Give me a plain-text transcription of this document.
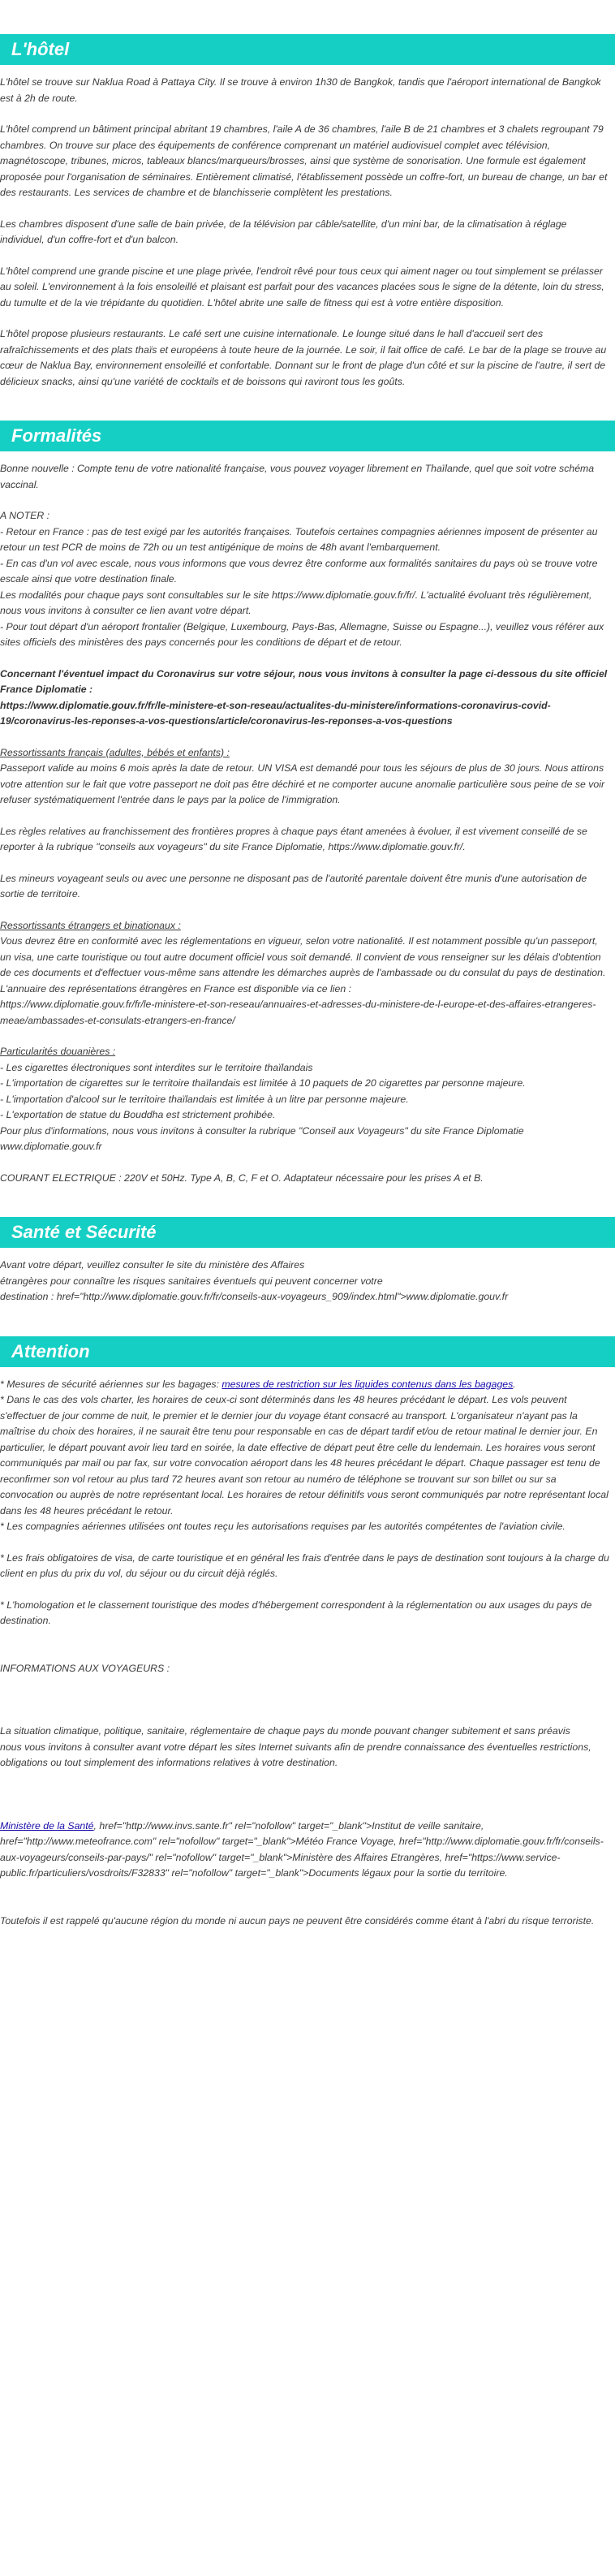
L'hôtel

L'hôtel se trouve sur Naklua Road à Pattaya City. Il se trouve à environ 1h30 de Bangkok, tandis que l'aéroport international de Bangkok est à 2h de route.

L'hôtel comprend un bâtiment principal abritant 19 chambres, l'aile A de 36 chambres, l'aile B de 21 chambres et 3 chalets regroupant 79 chambres. On trouve sur place des équipements de conférence comprenant un matériel audiovisuel complet avec télévision, magnétoscope, tribunes, micros, tableaux blancs/marqueurs/brosses, ainsi que système de sonorisation. Une formule est également proposée pour l'organisation de séminaires. Entièrement climatisé, l'établissement possède un coffre-fort, un bureau de change, un bar et des restaurants. Les services de chambre et de blanchisserie complètent les prestations.

Les chambres disposent d'une salle de bain privée, de la télévision par câble/satellite, d'un mini bar, de la climatisation à réglage individuel, d'un coffre-fort et d'un balcon.

L'hôtel comprend une grande piscine et une plage privée, l'endroit rêvé pour tous ceux qui aiment nager ou tout simplement se prélasser au soleil. L'environnement à la fois ensoleillé et plaisant est parfait pour des vacances placées sous le signe de la détente, loin du stress, du tumulte et de la vie trépidante du quotidien. L'hôtel abrite une salle de fitness qui est à votre entière disposition.

L'hôtel propose plusieurs restaurants. Le café sert une cuisine internationale. Le lounge situé dans le hall d'accueil sert des rafraîchissements et des plats thaïs et européens à toute heure de la journée. Le soir, il fait office de café. Le bar de la plage se trouve au cœur de Naklua Bay, environnement ensoleillé et confortable. Donnant sur le front de plage d'un côté et sur la piscine de l'autre, il sert de délicieux snacks, ainsi qu'une variété de cocktails et de boissons qui raviront tous les goûts.

Formalités

Bonne nouvelle : Compte tenu de votre nationalité française, vous pouvez voyager librement en Thaïlande, quel que soit votre schéma vaccinal.

A NOTER :
- Retour en France : pas de test exigé par les autorités françaises. Toutefois certaines compagnies aériennes imposent de présenter au retour un test PCR de moins de 72h ou un test antigénique de moins de 48h avant l'embarquement.
- En cas d'un vol avec escale, nous vous informons que vous devrez être conforme aux formalités sanitaires du pays où se trouve votre escale ainsi que votre destination finale.
Les modalités pour chaque pays sont consultables sur le site https://www.diplomatie.gouv.fr/fr/. L'actualité évoluant très régulièrement, nous vous invitons à consulter ce lien avant votre départ.
- Pour tout départ d'un aéroport frontalier (Belgique, Luxembourg, Pays-Bas, Allemagne, Suisse ou Espagne...), veuillez vous référer aux sites officiels des ministères des pays concernés pour les conditions de départ et de retour.

Concernant l'éventuel impact du Coronavirus sur votre séjour, nous vous invitons à consulter la page ci-dessous du site officiel France Diplomatie :
https://www.diplomatie.gouv.fr/fr/le-ministere-et-son-reseau/actualites-du-ministere/informations-coronavirus-covid-19/coronavirus-les-reponses-a-vos-questions/article/coronavirus-les-reponses-a-vos-questions

Ressortissants français (adultes, bébés et enfants) :

Passeport valide au moins 6 mois après la date de retour. UN VISA est demandé pour tous les séjours de plus de 30 jours. Nous attirons votre attention sur le fait que votre passeport ne doit pas être déchiré et ne comporter aucune anomalie particulière sous peine de se voir refuser systématiquement l'entrée dans le pays par la police de l'immigration.

Les règles relatives au franchissement des frontières propres à chaque pays étant amenées à évoluer, il est vivement conseillé de se reporter à la rubrique "conseils aux voyageurs" du site France Diplomatie, https://www.diplomatie.gouv.fr/.

Les mineurs voyageant seuls ou avec une personne ne disposant pas de l'autorité parentale doivent être munis d'une autorisation de sortie de territoire.

Ressortissants étrangers et binationaux :

Vous devrez être en conformité avec les réglementations en vigueur, selon votre nationalité. Il est notamment possible qu'un passeport, un visa, une carte touristique ou tout autre document officiel vous soit demandé. Il convient de vous renseigner sur les délais d'obtention de ces documents et d'effectuer vous-même sans attendre les démarches auprès de l'ambassade ou du consulat du pays de destination.
L'annuaire des représentations étrangères en France est disponible via ce lien :
https://www.diplomatie.gouv.fr/fr/le-ministere-et-son-reseau/annuaires-et-adresses-du-ministere-de-l-europe-et-des-affaires-etrangeres-meae/ambassades-et-consulats-etrangers-en-france/

Particularités douanières :

- Les cigarettes électroniques sont interdites sur le territoire thaïlandais
- L'importation de cigarettes sur le territoire thaïlandais est limitée à 10 paquets de 20 cigarettes par personne majeure.
- L'importation d'alcool sur le territoire thaïlandais est limitée à un litre par personne majeure.
- L'exportation de statue du Bouddha est strictement prohibée.
Pour plus d'informations, nous vous invitons à consulter la rubrique "Conseil aux Voyageurs" du site France Diplomatie www.diplomatie.gouv.fr

COURANT ELECTRIQUE : 220V et 50Hz. Type A, B, C, F et O. Adaptateur nécessaire pour les prises A et B.

Santé et Sécurité

Avant votre départ, veuillez consulter le site du ministère des Affaires
étrangères pour connaître les risques sanitaires éventuels qui peuvent concerner votre
destination : href="http://www.diplomatie.gouv.fr/fr/conseils-aux-voyageurs_909/index.html">www.diplomatie.gouv.fr

Attention

* Mesures de sécurité aériennes sur les bagages: mesures de restriction sur les liquides contenus dans les bagages.

* Dans le cas des vols charter, les horaires de ceux-ci sont déterminés dans les 48 heures précédant le départ. Les vols peuvent s'effectuer de jour comme de nuit, le premier et le dernier jour du voyage étant consacré au transport. L'organisateur n'ayant pas la maîtrise du choix des horaires, il ne saurait être tenu pour responsable en cas de départ tardif et/ou de retour matinal le dernier jour. En particulier, le départ pouvant avoir lieu tard en soirée, la date effective de départ peut être celle du lendemain. Les horaires vous seront communiqués par mail ou par fax, sur votre convocation aéroport dans les 48 heures précédant le départ. Chaque passager est tenu de reconfirmer son vol retour au plus tard 72 heures avant son retour au numéro de téléphone se trouvant sur son billet ou sur sa convocation ou auprès de notre représentant local. Les horaires de retour définitifs vous seront communiqués par notre représentant local dans les 48 heures précédant le retour.
* Les compagnies aériennes utilisées ont toutes reçu les autorisations requises par les autorités compétentes de l'aviation civile.

* Les frais obligatoires de visa, de carte touristique et en général les frais d'entrée dans le pays de destination sont toujours à la charge du client en plus du prix du vol, du séjour ou du circuit déjà réglés.

* L'homologation et le classement touristique des modes d'hébergement correspondent à la réglementation ou aux usages du pays de destination.

INFORMATIONS AUX VOYAGEURS :

La situation climatique, politique, sanitaire, réglementaire de chaque pays du monde pouvant changer subitement et sans préavis
nous vous invitons à consulter avant votre départ les sites Internet suivants afin de prendre connaissance des éventuelles restrictions, obligations ou tout simplement des informations relatives à votre destination.

Ministère de la Santé, href="http://www.invs.sante.fr" rel="nofollow" target="_blank">Institut de veille sanitaire, href="http://www.meteofrance.com" rel="nofollow" target="_blank">Météo France Voyage, href="http://www.diplomatie.gouv.fr/fr/conseils-aux-voyageurs/conseils-par-pays/" rel="nofollow" target="_blank">Ministère des Affaires Etrangères, href="https://www.service-public.fr/particuliers/vosdroits/F32833" rel="nofollow" target="_blank">Documents légaux pour la sortie du territoire.

Toutefois il est rappelé qu'aucune région du monde ni aucun pays ne peuvent être considérés comme étant à l'abri du risque terroriste.
